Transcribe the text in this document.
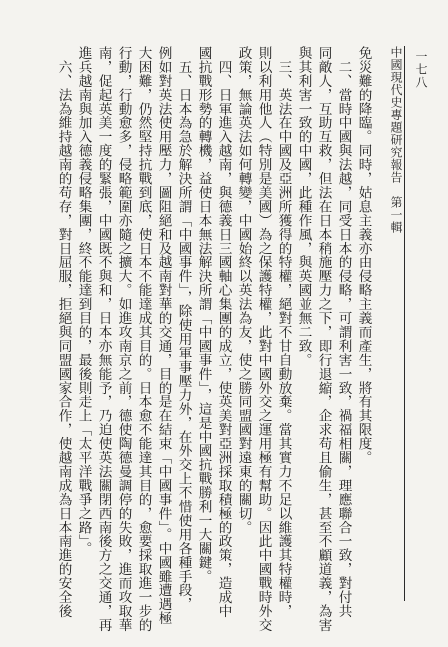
一七八
中國現代史專題研究報告　第一輯
免災難的降臨。同時，姑息主義亦由侵略主義而產生，將有其限度。
　二、當時中國與法越，同受日本的侵略，可謂利害一致，禍福相關，理應聯合一致，對付共
同敵人，互助互救，但法在日本稍施壓力之下，即行退縮，企求苟且偷生，甚至不顧道義，為害
與其利害一致的中國，此種作風，與英國並無二致。
　三、英法在中國及亞洲所獲得的特權，絕對不甘自動放棄。當其實力不足以維護其特權時，
則以利用他人（特別是美國）為之保護特權，此對中國外交之運用極有幫助。因此中國戰時外交
政策，無論英法如何轉變，中國始終以英法為友，使之勝同盟國對遠東的關切。
　四、日軍進入越南，與德義日三國軸心集團的成立，使英美對亞洲採取積極的政策，造成中
國抗戰形勢的轉機，益使日本無法解決所謂「中國事件」，這是中國抗戰勝利一大關鍵。
　五、日本為急於解決所謂「中國事件」，除使用軍事壓力外，在外交上不惜使用各種手段，
例如對英法使用壓力，圖阻絕和及越南對華的交通，目的是在結束「中國事件」。中國雖遭遇極
大困難，仍然堅持抗戰到底，使日本不能達成其目的。日本愈不能達其目的，愈要採取進一步的
行動，行動愈多，侵略範圍亦隨之擴大。如進攻南京之前，德使陶德曼調停的失敗，進而攻取華
南，促起英美一度的緊張，中國既不與和，日本亦無能予，乃迫使英法關閉西南後方之交通，再
進兵越南與加入德義侵略集團，終不能達到目的，最後則走上「太平洋戰爭之路」。
　六、法為維持越南的苟存，對日屈服，拒絕與同盟國家合作，使越南成為日本南進的安全後
